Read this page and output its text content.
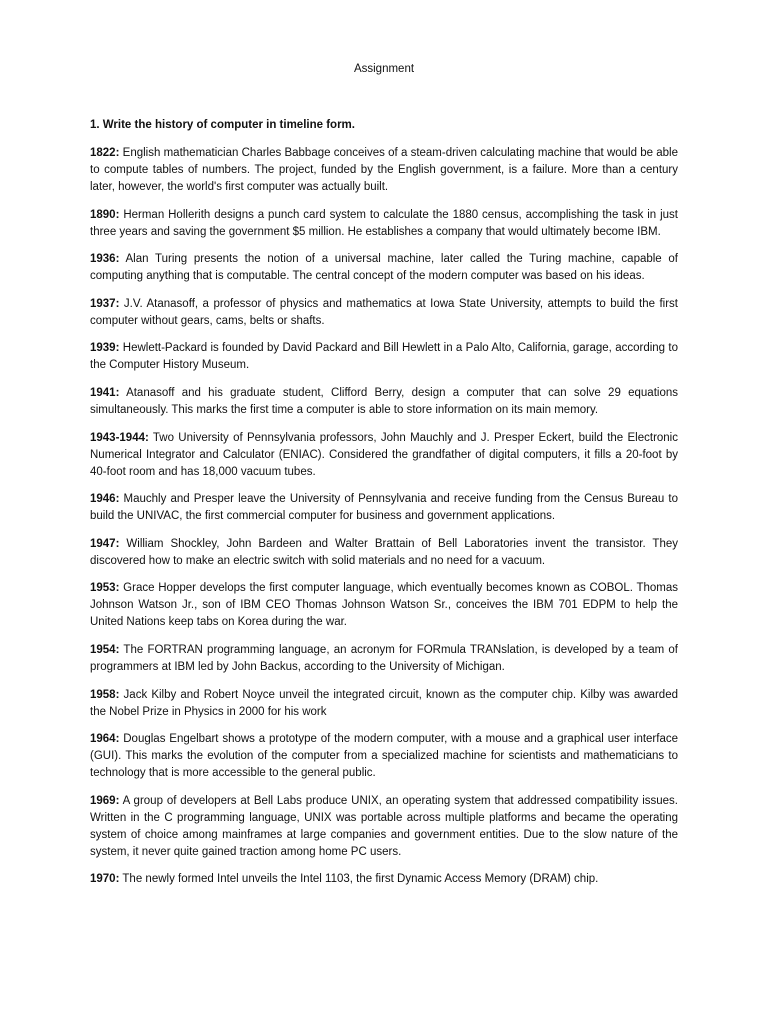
Assignment
1. Write the history of computer in timeline form.
1822: English mathematician Charles Babbage conceives of a steam-driven calculating machine that would be able to compute tables of numbers. The project, funded by the English government, is a failure. More than a century later, however, the world's first computer was actually built.
1890: Herman Hollerith designs a punch card system to calculate the 1880 census, accomplishing the task in just three years and saving the government $5 million. He establishes a company that would ultimately become IBM.
1936: Alan Turing presents the notion of a universal machine, later called the Turing machine, capable of computing anything that is computable. The central concept of the modern computer was based on his ideas.
1937: J.V. Atanasoff, a professor of physics and mathematics at Iowa State University, attempts to build the first computer without gears, cams, belts or shafts.
1939: Hewlett-Packard is founded by David Packard and Bill Hewlett in a Palo Alto, California, garage, according to the Computer History Museum.
1941: Atanasoff and his graduate student, Clifford Berry, design a computer that can solve 29 equations simultaneously. This marks the first time a computer is able to store information on its main memory.
1943-1944: Two University of Pennsylvania professors, John Mauchly and J. Presper Eckert, build the Electronic Numerical Integrator and Calculator (ENIAC). Considered the grandfather of digital computers, it fills a 20-foot by 40-foot room and has 18,000 vacuum tubes.
1946: Mauchly and Presper leave the University of Pennsylvania and receive funding from the Census Bureau to build the UNIVAC, the first commercial computer for business and government applications.
1947: William Shockley, John Bardeen and Walter Brattain of Bell Laboratories invent the transistor. They discovered how to make an electric switch with solid materials and no need for a vacuum.
1953: Grace Hopper develops the first computer language, which eventually becomes known as COBOL. Thomas Johnson Watson Jr., son of IBM CEO Thomas Johnson Watson Sr., conceives the IBM 701 EDPM to help the United Nations keep tabs on Korea during the war.
1954: The FORTRAN programming language, an acronym for FORmula TRANslation, is developed by a team of programmers at IBM led by John Backus, according to the University of Michigan.
1958: Jack Kilby and Robert Noyce unveil the integrated circuit, known as the computer chip. Kilby was awarded the Nobel Prize in Physics in 2000 for his work
1964: Douglas Engelbart shows a prototype of the modern computer, with a mouse and a graphical user interface (GUI). This marks the evolution of the computer from a specialized machine for scientists and mathematicians to technology that is more accessible to the general public.
1969: A group of developers at Bell Labs produce UNIX, an operating system that addressed compatibility issues. Written in the C programming language, UNIX was portable across multiple platforms and became the operating system of choice among mainframes at large companies and government entities. Due to the slow nature of the system, it never quite gained traction among home PC users.
1970: The newly formed Intel unveils the Intel 1103, the first Dynamic Access Memory (DRAM) chip.
